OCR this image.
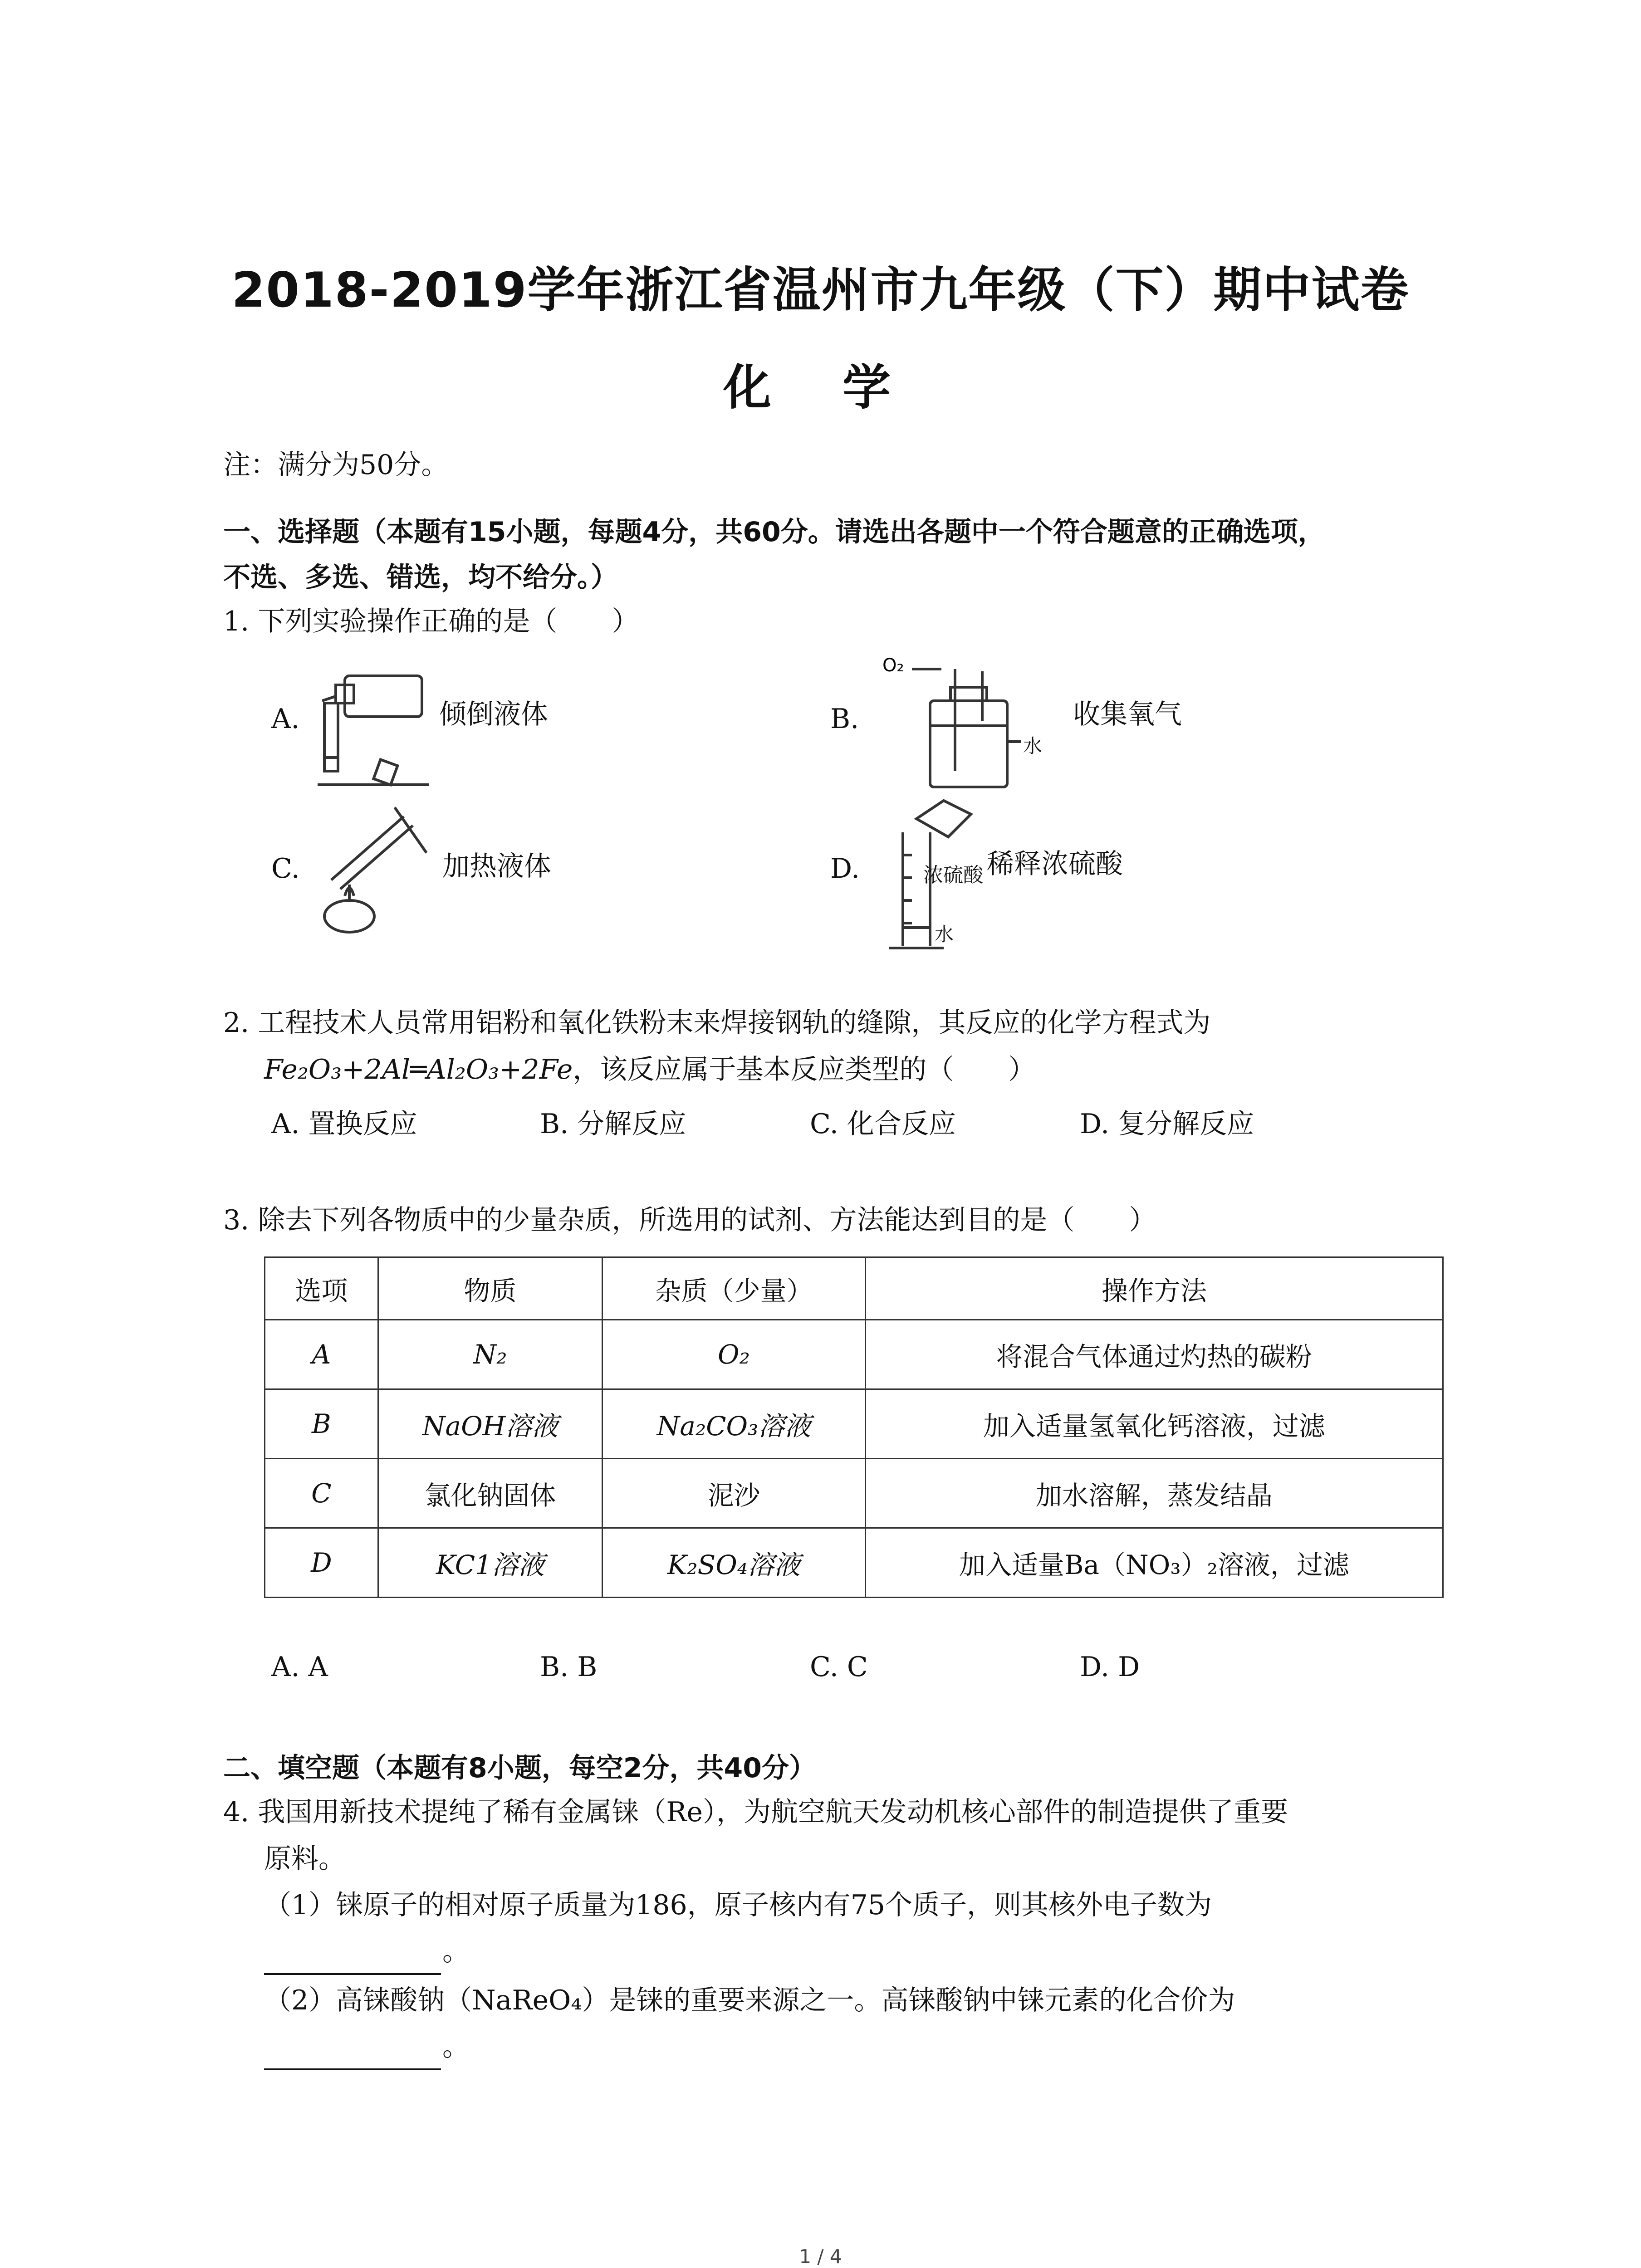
2018-2019学年浙江省温州市九年级（下）期中试卷
化 学
注：满分为50分。
一、选择题（本题有15小题，每题4分，共60分。请选出各题中一个符合题意的正确选项，
不选、多选、错选，均不给分。）
1. 下列实验操作正确的是（　　）
A.	倾倒液体	B.
O₂
水
收集氧气
C.	加热液体	D.	浓硫酸
水
稀释浓硫酸
2. 工程技术人员常用铝粉和氧化铁粉末来焊接钢轨的缝隙，其反应的化学方程式为
Fe₂O₃+2Al═Al₂O₃+2Fe，该反应属于基本反应类型的（　　）
A. 置换反应	B. 分解反应	C. 化合反应	D. 复分解反应
3. 除去下列各物质中的少量杂质，所选用的试剂、方法能达到目的是（　　）
选项	物质	杂质（少量）	操作方法
A	N₂	O₂	将混合气体通过灼热的碳粉
B	NaOH溶液	Na₂CO₃溶液	加入适量氢氧化钙溶液，过滤
C	氯化钠固体	泥沙	加水溶解，蒸发结晶
D	KC1溶液	K₂SO₄溶液	加入适量Ba（NO₃）₂溶液，过滤
A. A	B. B	C. C	D. D
二、填空题（本题有8小题，每空2分，共40分）
4. 我国用新技术提纯了稀有金属铼（Re），为航空航天发动机核心部件的制造提供了重要
原料。
（1）铼原子的相对原子质量为186，原子核内有75个质子，则其核外电子数为
。
（2）高铼酸钠（NaReO₄）是铼的重要来源之一。高铼酸钠中铼元素的化合价为
。
1 / 4
